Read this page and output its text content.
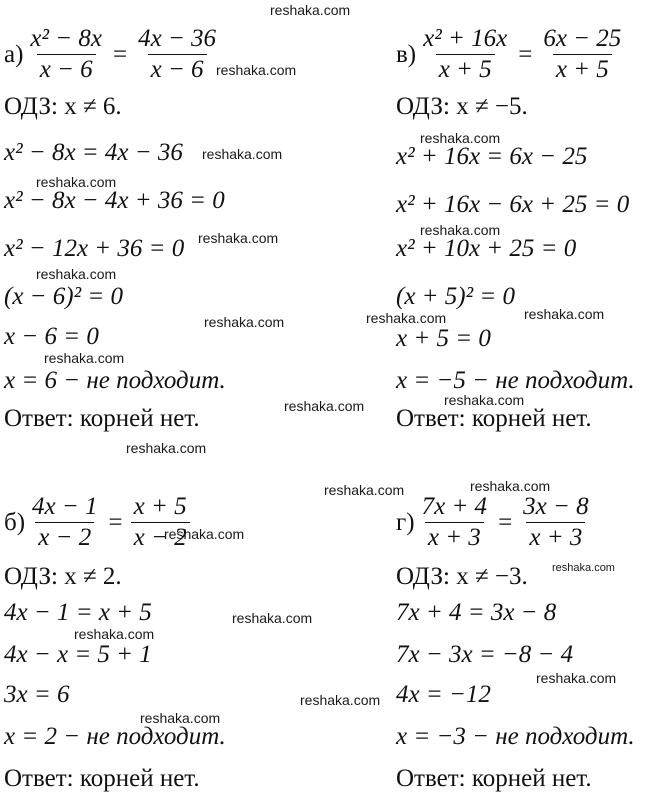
$а) \frac{\text{x² − 8x}}{x - 6} = \frac{4x - 36}{x - 6}$
ОДЗ: x ≠ 6.
x² − 8x = 4x − 36
x² − 8x − 4x + 36 = 0
x² − 12x + 36 = 0
(x − 6)² = 0
x − 6 = 0
x = 6 − не подходит.
Ответ: корней нет.
$в) \frac{\text{x² + 16x}}{x + 5} = \frac{6x - 25}{x + 5}$
ОДЗ: x ≠ −5.
x² + 16x = 6x − 25
x² + 16x − 6x + 25 = 0
x² + 10x + 25 = 0
(x + 5)² = 0
x + 5 = 0
x = −5 − не подходит.
Ответ: корней нет.
$б) \frac{4x - 1}{x - 2} = \frac{x + 5}{x - 2}$
ОДЗ: x ≠ 2.
4x − 1 = x + 5
4x − x = 5 + 1
3x = 6
x = 2 − не подходит.
Ответ: корней нет.
$г) \frac{7x + 4}{x + 3} = \frac{3x - 8}{x + 3}$
ОДЗ: x ≠ −3.
7x + 4 = 3x − 8
7x − 3x = −8 − 4
4x = −12
x = −3 − не подходит.
Ответ: корней нет.
reshaka.com
reshaka.com
reshaka.com
reshaka.com
reshaka.com
reshaka.com
reshaka.com
reshaka.com
reshaka.com
reshaka.com
reshaka.com
reshaka.com
reshaka.com
reshaka.com
reshaka.com
reshaka.com
reshaka.com
reshaka.com
reshaka.com
reshaka.com
reshaka.com
reshaka.com
reshaka.com
reshaka.com
